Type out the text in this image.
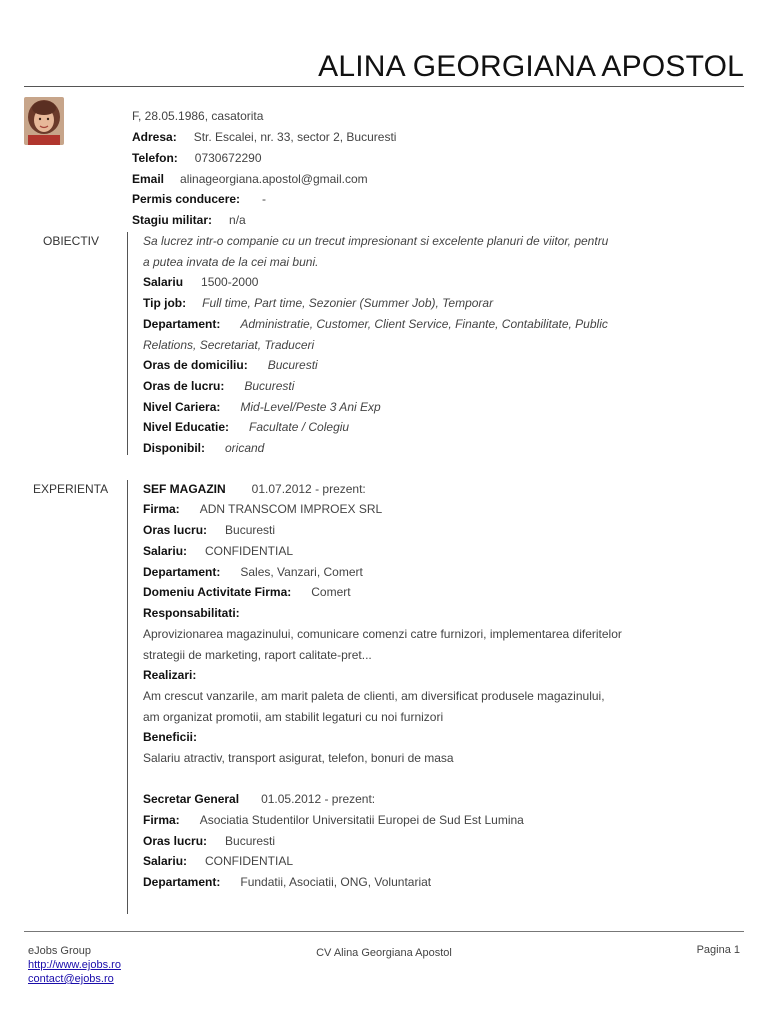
ALINA GEORGIANA APOSTOL
F, 28.05.1986, casatorita
Adresa: Str. Escalei, nr. 33, sector 2, Bucuresti
Telefon: 0730672290
Email alinageorgiana.apostol@gmail.com
Permis conducere: -
Stagiu militar: n/a
OBIECTIV	Sa lucrez intr-o companie cu un trecut impresionant si excelente planuri de viitor, pentru
a putea invata de la cei mai buni.
Salariu 1500-2000
Tip job: Full time, Part time, Sezonier (Summer Job), Temporar
Departament: Administratie, Customer, Client Service, Finante, Contabilitate, Public
Relations, Secretariat, Traduceri
Oras de domiciliu: Bucuresti
Oras de lucru: Bucuresti
Nivel Cariera: Mid-Level/Peste 3 Ani Exp
Nivel Educatie: Facultate / Colegiu
Disponibil: oricand
EXPERIENTA	SEF MAGAZIN 01.07.2012 - prezent:
Firma: ADN TRANSCOM IMPROEX SRL
Oras lucru: Bucuresti
Salariu: CONFIDENTIAL
Departament: Sales, Vanzari, Comert
Domeniu Activitate Firma: Comert
Responsabilitati:
Aprovizionarea magazinului, comunicare comenzi catre furnizori, implementarea diferitelor
strategii de marketing, raport calitate-pret...
Realizari:
Am crescut vanzarile, am marit paleta de clienti, am diversificat produsele magazinului,
am organizat promotii, am stabilit legaturi cu noi furnizori
Beneficii:
Salariu atractiv, transport asigurat, telefon, bonuri de masa
Secretar General 01.05.2012 - prezent:
Firma: Asociatia Studentilor Universitatii Europei de Sud Est Lumina
Oras lucru: Bucuresti
Salariu: CONFIDENTIAL
Departament: Fundatii, Asociatii, ONG, Voluntariat
eJobs Group
http://www.ejobs.ro
contact@ejobs.ro
CV Alina Georgiana Apostol	Pagina 1
